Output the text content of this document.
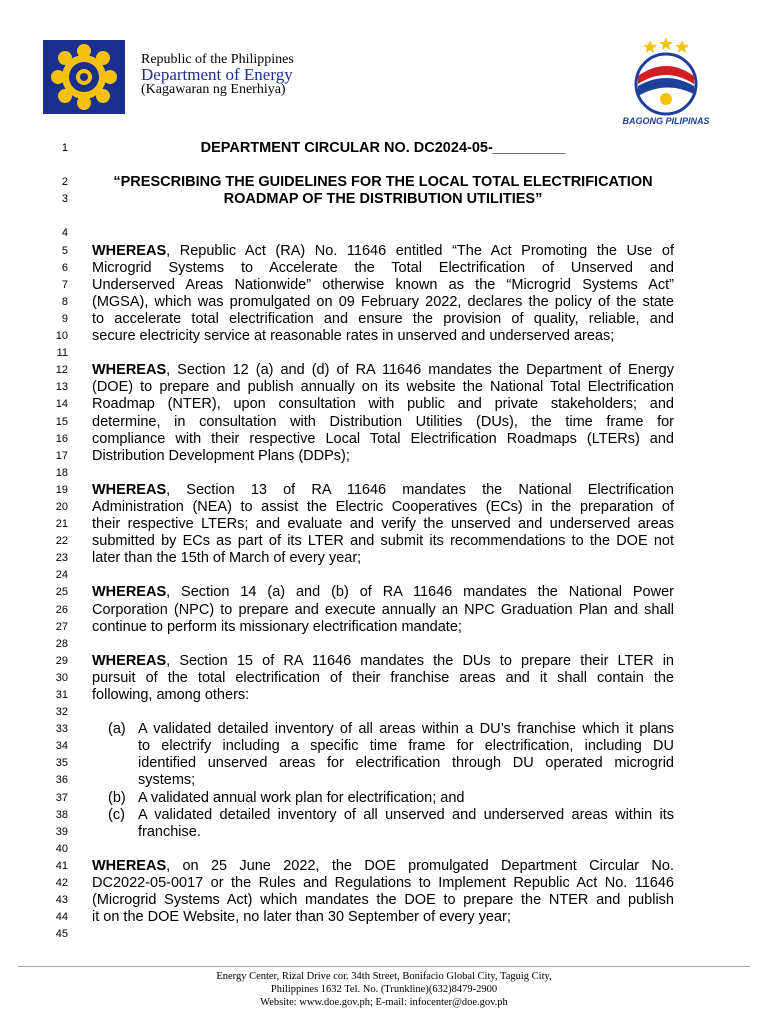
Republic of the Philippines
Department of Energy
(Kagawaran ng Enerhiya)
BAGONG PILIPINAS
1	DEPARTMENT CIRCULAR NO. DC2024-05-_________
2	“PRESCRIBING THE GUIDELINES FOR THE LOCAL TOTAL ELECTRIFICATION
3	ROADMAP OF THE DISTRIBUTION UTILITIES”
4
5 WHEREAS, Republic Act (RA) No. 11646 entitled “The Act Promoting the Use of
6 Microgrid Systems to Accelerate the Total Electrification of Unserved and
7 Underserved Areas Nationwide” otherwise known as the “Microgrid Systems Act”
8 (MGSA), which was promulgated on 09 February 2022, declares the policy of the state
9 to accelerate total electrification and ensure the provision of quality, reliable, and
10 secure electricity service at reasonable rates in unserved and underserved areas;
11
12 WHEREAS, Section 12 (a) and (d) of RA 11646 mandates the Department of Energy
13 (DOE) to prepare and publish annually on its website the National Total Electrification
14 Roadmap (NTER), upon consultation with public and private stakeholders; and
15 determine, in consultation with Distribution Utilities (DUs), the time frame for
16 compliance with their respective Local Total Electrification Roadmaps (LTERs) and
17 Distribution Development Plans (DDPs);
18
19 WHEREAS, Section 13 of RA 11646 mandates the National Electrification
20 Administration (NEA) to assist the Electric Cooperatives (ECs) in the preparation of
21 their respective LTERs; and evaluate and verify the unserved and underserved areas
22 submitted by ECs as part of its LTER and submit its recommendations to the DOE not
23 later than the 15th of March of every year;
24
25 WHEREAS, Section 14 (a) and (b) of RA 11646 mandates the National Power
26 Corporation (NPC) to prepare and execute annually an NPC Graduation Plan and shall
27 continue to perform its missionary electrification mandate;
28
29 WHEREAS, Section 15 of RA 11646 mandates the DUs to prepare their LTER in
30 pursuit of the total electrification of their franchise areas and it shall contain the
31 following, among others:
32
33	(a) A validated detailed inventory of all areas within a DU’s franchise which it plans
34	to electrify including a specific time frame for electrification, including DU
35	identified unserved areas for electrification through DU operated microgrid
36	systems;
37	(b) A validated annual work plan for electrification; and
38	(c) A validated detailed inventory of all unserved and underserved areas within its
39	franchise.
40
41 WHEREAS, on 25 June 2022, the DOE promulgated Department Circular No.
42 DC2022-05-0017 or the Rules and Regulations to Implement Republic Act No. 11646
43 (Microgrid Systems Act) which mandates the DOE to prepare the NTER and publish
44 it on the DOE Website, no later than 30 September of every year;
45
Energy Center, Rizal Drive cor. 34th Street, Bonifacio Global City, Taguig City,
Philippines 1632 Tel. No. (Trunkline)(632)8479-2900
Website: www.doe.gov.ph; E-mail: infocenter@doe.gov.ph
